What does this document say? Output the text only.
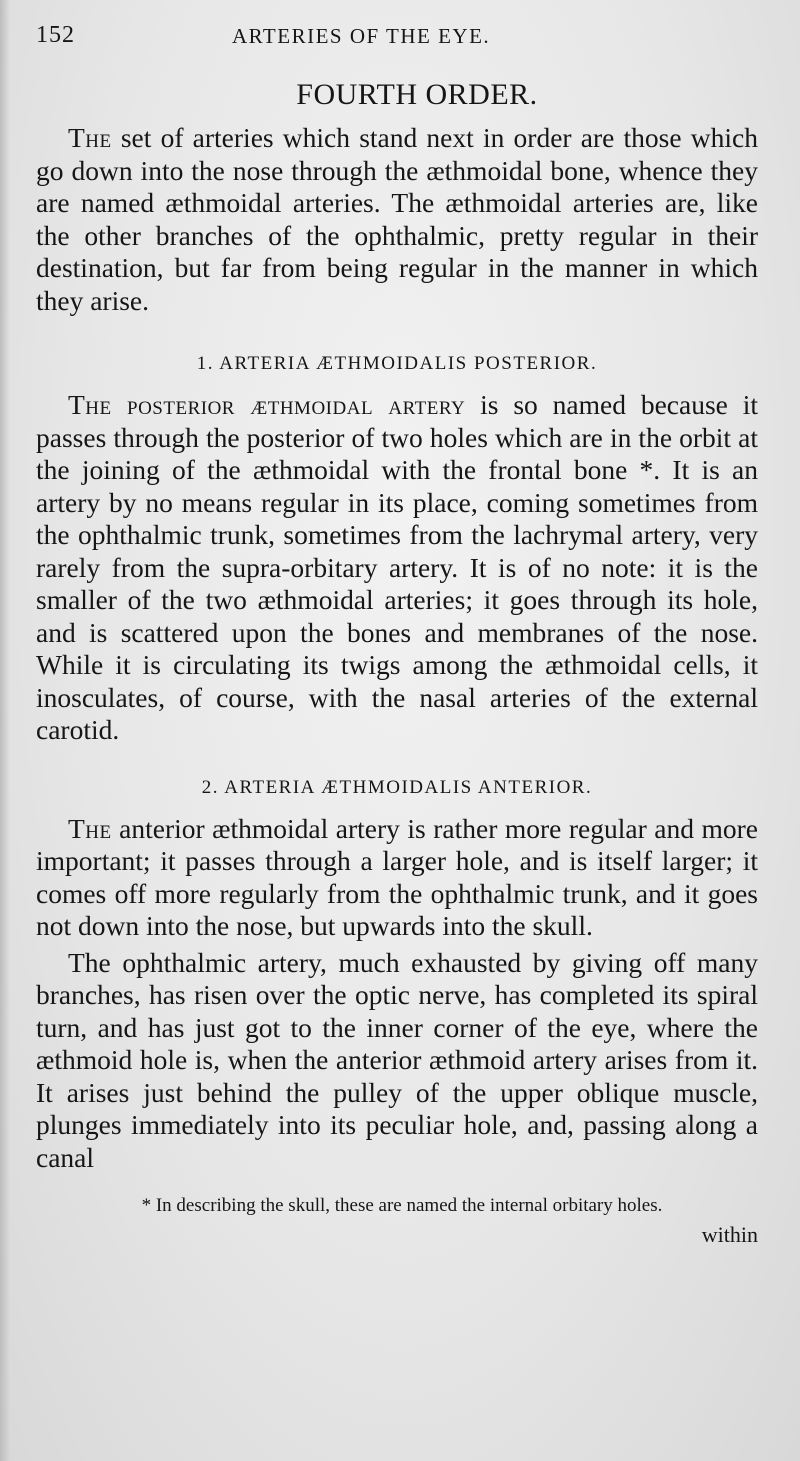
152	ARTERIES OF THE EYE.
FOURTH ORDER.

The set of arteries which stand next in order are those which go down into the nose through the æthmoidal bone, whence they are named æthmoidal arteries. The æthmoidal arteries are, like the other branches of the ophthalmic, pretty regular in their destination, but far from being regular in the manner in which they arise.

1. ARTERIA ÆTHMOIDALIS POSTERIOR.

The posterior æthmoidal artery is so named because it passes through the posterior of two holes which are in the orbit at the joining of the æthmoidal with the frontal bone *. It is an artery by no means regular in its place, coming sometimes from the ophthalmic trunk, sometimes from the lachrymal artery, very rarely from the supra-orbitary artery. It is of no note: it is the smaller of the two æthmoidal arteries; it goes through its hole, and is scattered upon the bones and membranes of the nose. While it is circulating its twigs among the æthmoidal cells, it inosculates, of course, with the nasal arteries of the external carotid.

2. ARTERIA ÆTHMOIDALIS ANTERIOR.

The anterior æthmoidal artery is rather more regular and more important; it passes through a larger hole, and is itself larger; it comes off more regularly from the ophthalmic trunk, and it goes not down into the nose, but upwards into the skull.

The ophthalmic artery, much exhausted by giving off many branches, has risen over the optic nerve, has completed its spiral turn, and has just got to the inner corner of the eye, where the æthmoid hole is, when the anterior æthmoid artery arises from it. It arises just behind the pulley of the upper oblique muscle, plunges immediately into its peculiar hole, and, passing along a canal

* In describing the skull, these are named the internal orbitary holes.
within
